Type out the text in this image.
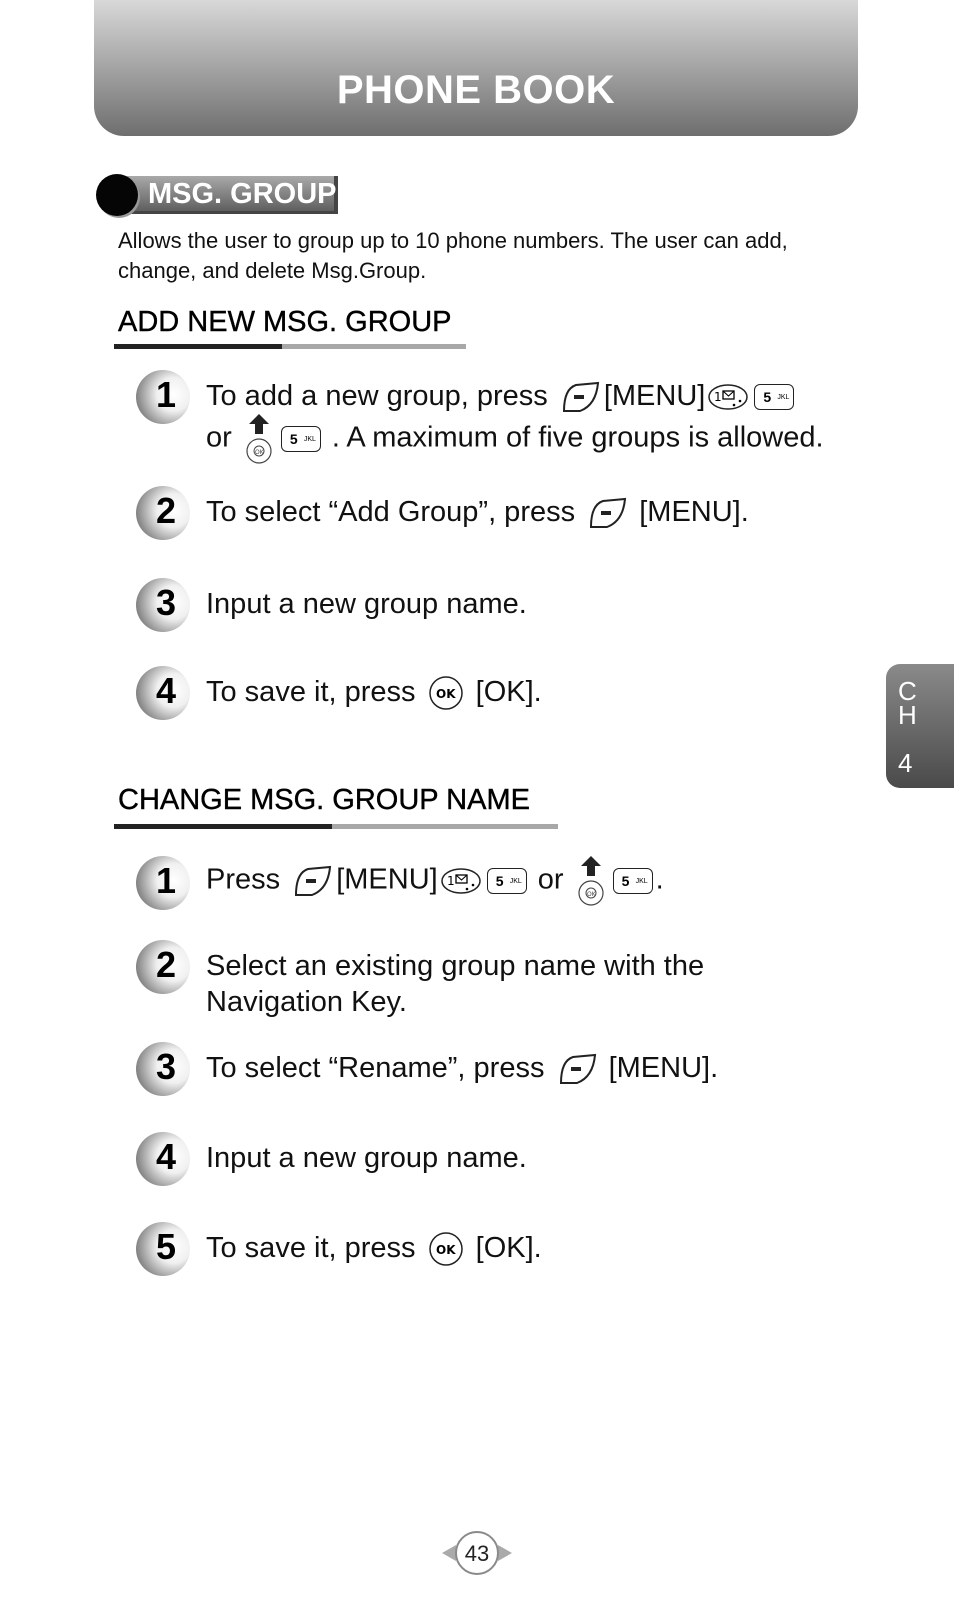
PHONE BOOK
MSG. GROUP
Allows the user to group up to 10 phone numbers. The user can add, change, and delete Msg.Group.
ADD NEW MSG. GROUP
1 To add a new group, press [MENU] 1	5 JKL

or	OK
5 JKL . A maximum of five groups is allowed.
2 To select “Add Group”, press [MENU].
3 Input a new group name.
4 To save it, press OK [OK].
CHANGE MSG. GROUP NAME
1 Press [MENU] 1	5 JKL or	OK
5 JKL .
2 Select an existing group name with the
Navigation Key.
3 To select “Rename”, press [MENU].
4 Input a new group name.
5 To save it, press OK [OK].
C
H
4
43
